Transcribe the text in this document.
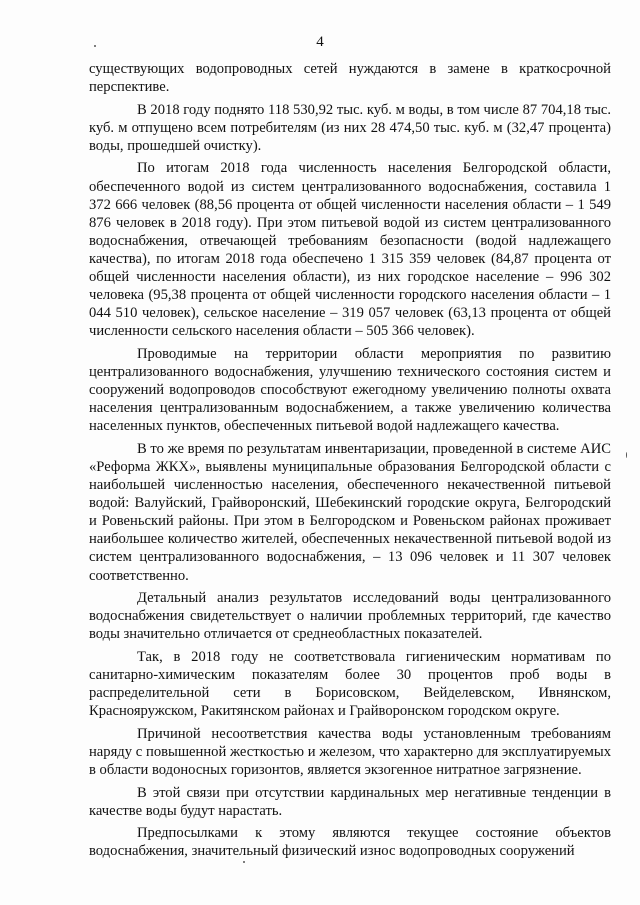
4

существующих водопроводных сетей нуждаются в замене в краткосрочной перспективе.

В 2018 году поднято 118 530,92 тыс. куб. м воды, в том числе 87 704,18 тыс. куб. м отпущено всем потребителям (из них 28 474,50 тыс. куб. м (32,47 процента) воды, прошедшей очистку).

По итогам 2018 года численность населения Белгородской области, обеспеченного водой из систем централизованного водоснабжения, составила 1 372 666 человек (88,56 процента от общей численности населения области – 1 549 876 человек в 2018 году). При этом питьевой водой из систем централизованного водоснабжения, отвечающей требованиям безопасности (водой надлежащего качества), по итогам 2018 года обеспечено 1 315 359 человек (84,87 процента от общей численности населения области), из них городское население – 996 302 человека (95,38 процента от общей численности городского населения области – 1 044 510 человек), сельское население – 319 057 человек (63,13 процента от общей численности сельского населения области – 505 366 человек).

Проводимые на территории области мероприятия по развитию централизованного водоснабжения, улучшению технического состояния систем и сооружений водопроводов способствуют ежегодному увеличению полноты охвата населения централизованным водоснабжением, а также увеличению количества населенных пунктов, обеспеченных питьевой водой надлежащего качества.

В то же время по результатам инвентаризации, проведенной в системе АИС «Реформа ЖКХ», выявлены муниципальные образования Белгородской области с наибольшей численностью населения, обеспеченного некачественной питьевой водой: Валуйский, Грайворонский, Шебекинский городские округа, Белгородский и Ровеньский районы. При этом в Белгородском и Ровеньском районах проживает наибольшее количество жителей, обеспеченных некачественной питьевой водой из систем централизованного водоснабжения, – 13 096 человек и 11 307 человек соответственно.

Детальный анализ результатов исследований воды централизованного водоснабжения свидетельствует о наличии проблемных территорий, где качество воды значительно отличается от среднеобластных показателей.

Так, в 2018 году не соответствовала гигиеническим нормативам по санитарно-химическим показателям более 30 процентов проб воды в распределительной сети в Борисовском, Вейделевском, Ивнянском, Краснояружском, Ракитянском районах и Грайворонском городском округе.

Причиной несоответствия качества воды установленным требованиям наряду с повышенной жесткостью и железом, что характерно для эксплуатируемых в области водоносных горизонтов, является экзогенное нитратное загрязнение.

В этой связи при отсутствии кардинальных мер негативные тенденции в качестве воды будут нарастать.

Предпосылками к этому являются текущее состояние объектов водоснабжения, значительный физический износ водопроводных сооружений
